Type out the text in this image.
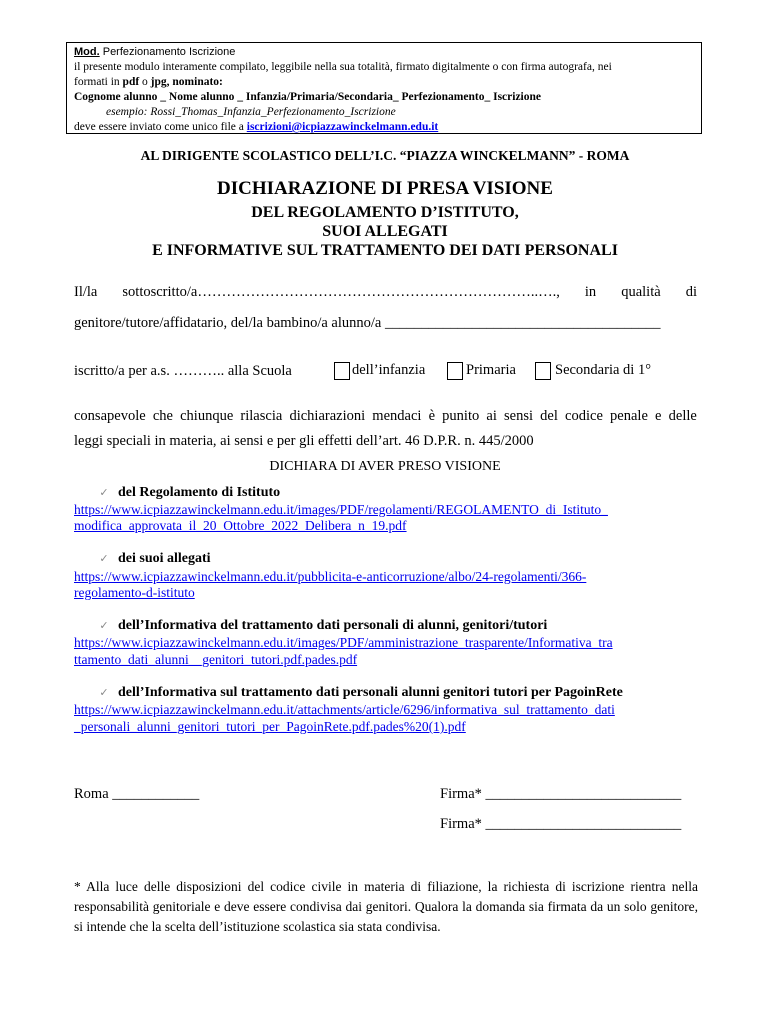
Mod. Perfezionamento Iscrizione
il presente modulo interamente compilato, leggibile nella sua totalità, firmato digitalmente o con firma autografa, nei
formati in pdf o jpg, nominato:
Cognome alunno _ Nome alunno _ Infanzia/Primaria/Secondaria_ Perfezionamento_ Iscrizione
esempio: Rossi_Thomas_Infanzia_Perfezionamento_Iscrizione
deve essere inviato come unico file a iscrizioni@icpiazzawinckelmann.edu.it
AL DIRIGENTE SCOLASTICO DELL’I.C. “PIAZZA WINCKELMANN” - ROMA
DICHIARAZIONE DI PRESA VISIONE
DEL REGOLAMENTO D’ISTITUTO,
SUOI ALLEGATI
E INFORMATIVE SUL TRATTAMENTO DEI DATI PERSONALI
Il/la sottoscritto/a……………………………………………………………..…., in qualità di
genitore/tutore/affidatario, del/la bambino/a alunno/a ______________________________________
iscritto/a per a.s. ……….. alla Scuola	dell’infanzia	Primaria	Secondaria di 1°
consapevole che chiunque rilascia dichiarazioni mendaci è punito ai sensi del codice penale e delle
leggi speciali in materia, ai sensi e per gli effetti dell’art. 46 D.P.R. n. 445/2000
DICHIARA DI AVER PRESO VISIONE
✓ del Regolamento di Istituto
https://www.icpiazzawinckelmann.edu.it/images/PDF/regolamenti/REGOLAMENTO_di_Istituto_
modifica_approvata_il_20_Ottobre_2022_Delibera_n_19.pdf
✓ dei suoi allegati
https://www.icpiazzawinckelmann.edu.it/pubblicita-e-anticorruzione/albo/24-regolamenti/366-
regolamento-d-istituto
✓ dell’Informativa del trattamento dati personali di alunni, genitori/tutori
https://www.icpiazzawinckelmann.edu.it/images/PDF/amministrazione_trasparente/Informativa_tra
ttamento_dati_alunni__genitori_tutori.pdf.pades.pdf
✓ dell’Informativa sul trattamento dati personali alunni genitori tutori per PagoinRete
https://www.icpiazzawinckelmann.edu.it/attachments/article/6296/informativa_sul_trattamento_dati
_personali_alunni_genitori_tutori_per_PagoinRete.pdf.pades%20(1).pdf
Roma ____________	Firma* ___________________________
Firma* ___________________________
* Alla luce delle disposizioni del codice civile in materia di filiazione, la richiesta di iscrizione rientra nella responsabilità genitoriale e deve essere condivisa dai genitori. Qualora la domanda sia firmata da un solo genitore, si intende che la scelta dell’istituzione scolastica sia stata condivisa.
